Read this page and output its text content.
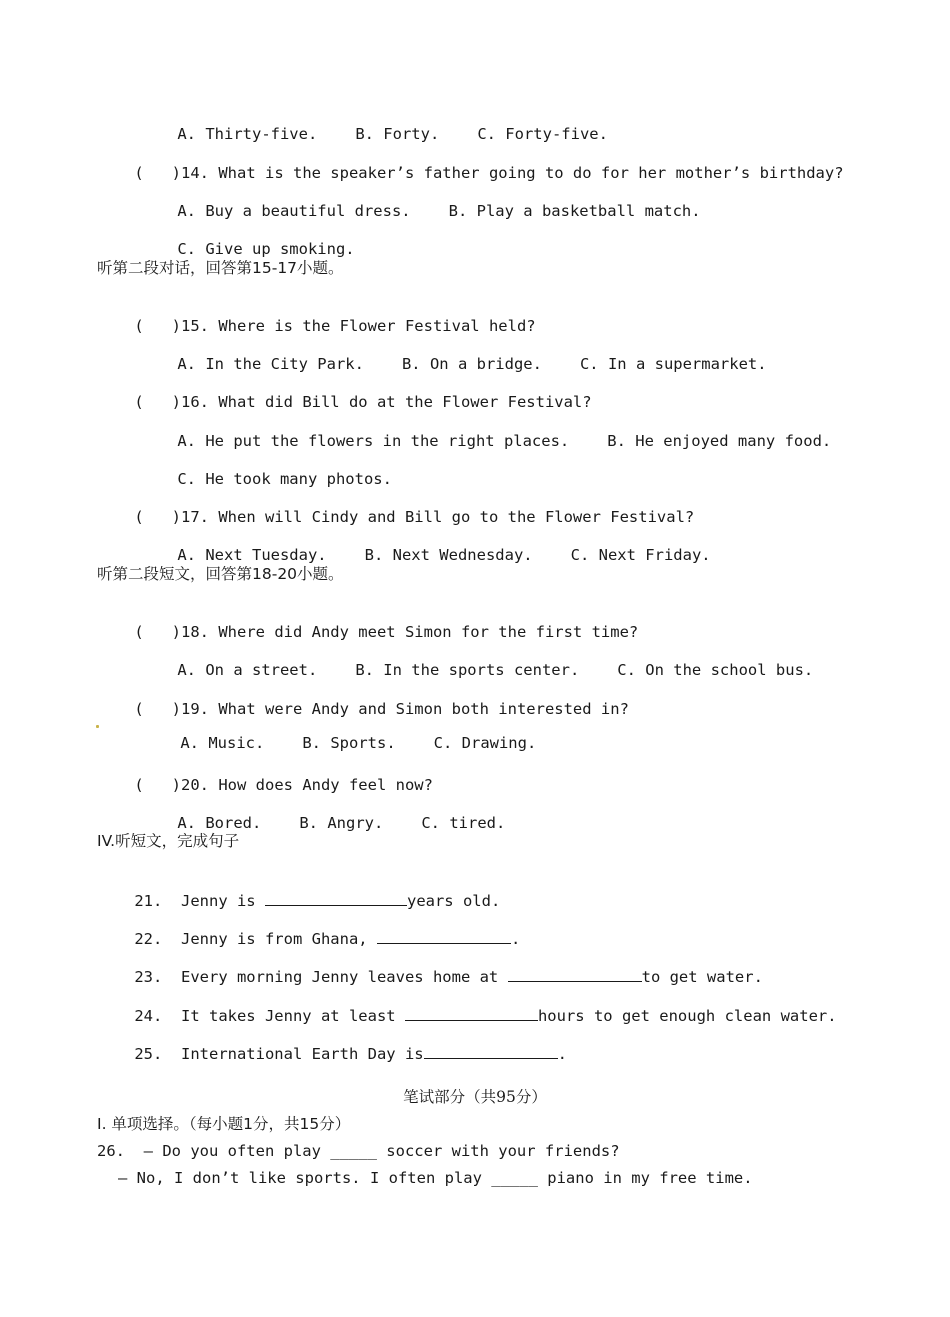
A. Thirty-five. B. Forty. C. Forty-five.

(   )14. What is the speaker’s father going to do for her mother’s birthday?

A. Buy a beautiful dress. B. Play a basketball match.

C. Give up smoking.

听第二段对话，回答第15-17小题。

(   )15. Where is the Flower Festival held?

A. In the City Park. B. On a bridge. C. In a supermarket.

(   )16. What did Bill do at the Flower Festival?

A. He put the flowers in the right places. B. He enjoyed many food.

C. He took many photos.

(   )17. When will Cindy and Bill go to the Flower Festival?

A. Next Tuesday. B. Next Wednesday. C. Next Friday.

听第二段短文，回答第18-20小题。

(   )18. Where did Andy meet Simon for the first time?

A. On a street. B. In the sports center. C. On the school bus.

(   )19. What were Andy and Simon both interested in?

A. Music. B. Sports. C. Drawing.

(   )20. How does Andy feel now?

A. Bored. B. Angry. C. tired.

IV.听短文，完成句子

21.  Jenny is	years old.

22.  Jenny is from Ghana,	.

23.  Every morning Jenny leaves home at	to get water.

24.  It takes Jenny at least	hours to get enough clean water.

25.  International Earth Day is	.

笔试部分（共95分）
I. 单项选择。（每小题1分，共15分）
26.  – Do you often play _____ soccer with your friends?
– No, I don’t like sports. I often play _____ piano in my free time.
